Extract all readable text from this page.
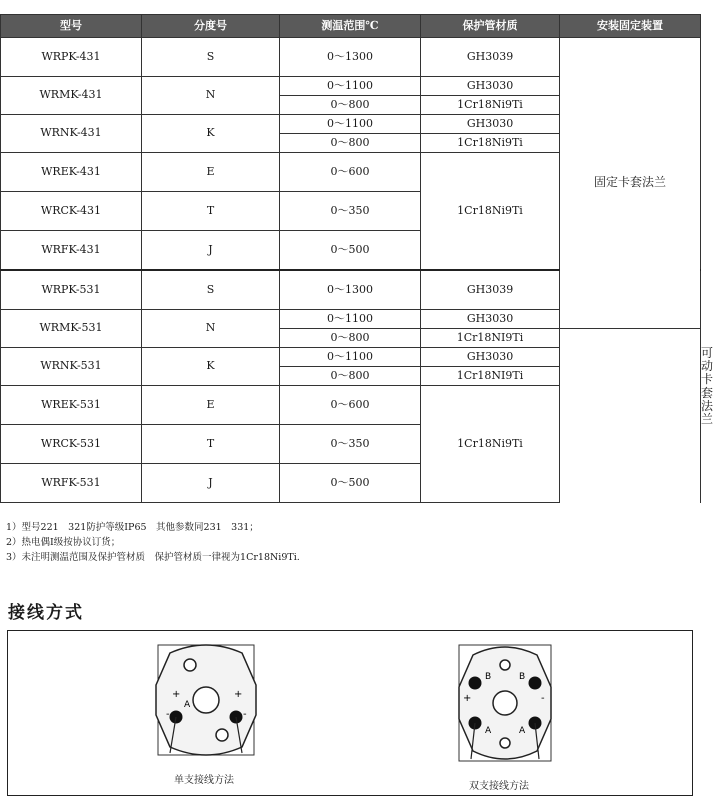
型号	分度号	测温范围℃	保护管材质	安装固定装置	
WRPK-431	S	0～1300	GH3039	固定卡套法兰	
WRMK-431	N	0～1100	GH3030		
		0～800	1Cr18Ni9Ti		
WRNK-431	K	0～1100	GH3030		
		0～800	1Cr18Ni9Ti		
WREK-431	E	0～600	1Cr18Ni9Ti		
WRCK-431	T	0～350			
WRFK-431	J	0～500			
WRPK-531	S	0～1300	GH3039		可动卡套法兰
WRMK-531	N	0～1100	GH3030		
		0～800	1Cr18NI9Ti		
WRNK-531	K	0～1100	GH3030		
		0～800	1Cr18NI9Ti		
WREK-531	E	0～600	1Cr18Ni9Ti		
WRCK-531	T	0～350			
WRFK-531	J	0～500			
1）型号221　321防护等级IP65　其他参数同231　331；
2）热电偶I级按协议订货；
3）未注明测温范围及保护管材质　保护管材质一律视为1Cr18Ni9Ti.
接线方式
+	+
-	-
A
单支接线方法
B	B
A	A
+	-
双支接线方法
